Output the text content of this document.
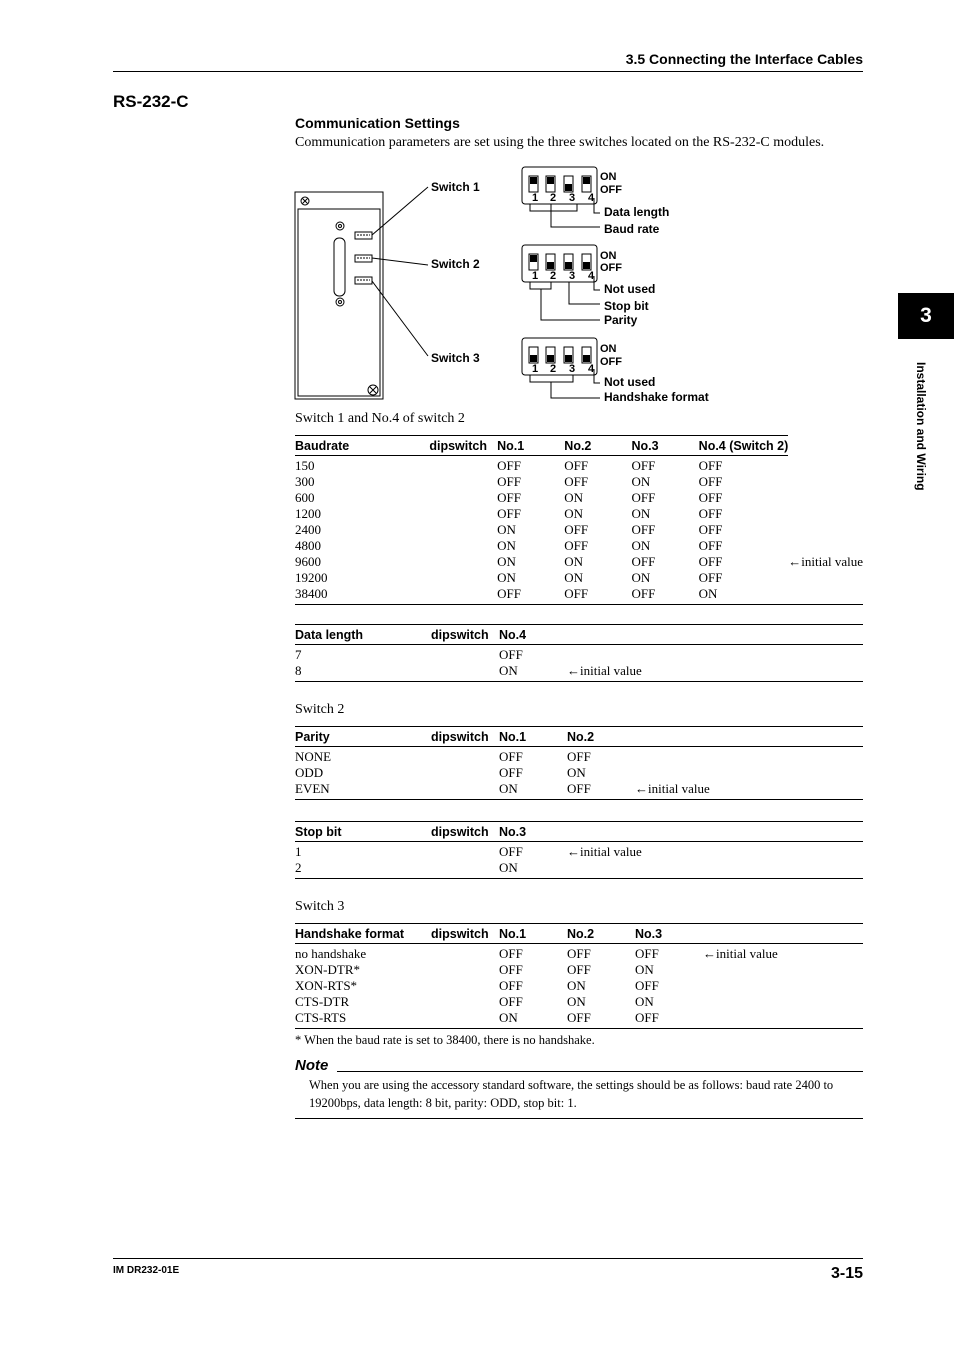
3.5 Connecting the Interface Cables
RS-232-C
Communication Settings
Communication parameters are set using the three switches located on the RS-232-C modules.
3
Installation and Wiring
Switch 1
Switch 2
Switch 3
ON
OFF
ON
OFF
ON
OFF
1 2 3 4
1 2 3 4
1 2 3 4
Data length
Baud rate
Not used
Stop bit
Parity
Not used
Handshake format
Switch 1 and No.4 of switch 2
Baudrate	dipswitch	No.1	No.2	No.3	No.4 (Switch 2)	
150		OFF	OFF	OFF	OFF	
300		OFF	OFF	ON	OFF	
600		OFF	ON	OFF	OFF	
1200		OFF	ON	ON	OFF	
2400		ON	OFF	OFF	OFF	
4800		ON	OFF	ON	OFF	
9600		ON	ON	OFF	OFF	←initial value
19200		ON	ON	ON	OFF	
38400		OFF	OFF	OFF	ON	
Data length	dipswitch	No.4	
7		OFF	
8		ON	←initial value
Switch 2
Parity	dipswitch	No.1	No.2	
NONE		OFF	OFF	
ODD		OFF	ON	
EVEN		ON	OFF	←initial value
Stop bit	dipswitch	No.3	
1		OFF	←initial value
2		ON	
Switch 3
Handshake format	dipswitch	No.1	No.2	No.3	
no handshake		OFF	OFF	OFF	←initial value
XON-DTR*		OFF	OFF	ON	
XON-RTS*		OFF	ON	OFF	
CTS-DTR		OFF	ON	ON	
CTS-RTS		ON	OFF	OFF	
* When the baud rate is set to 38400, there is no handshake.
Note
When you are using the accessory standard software, the settings should be as follows: baud rate 2400 to 19200bps, data length: 8 bit, parity: ODD, stop bit: 1.
IM DR232-01E	3-15
